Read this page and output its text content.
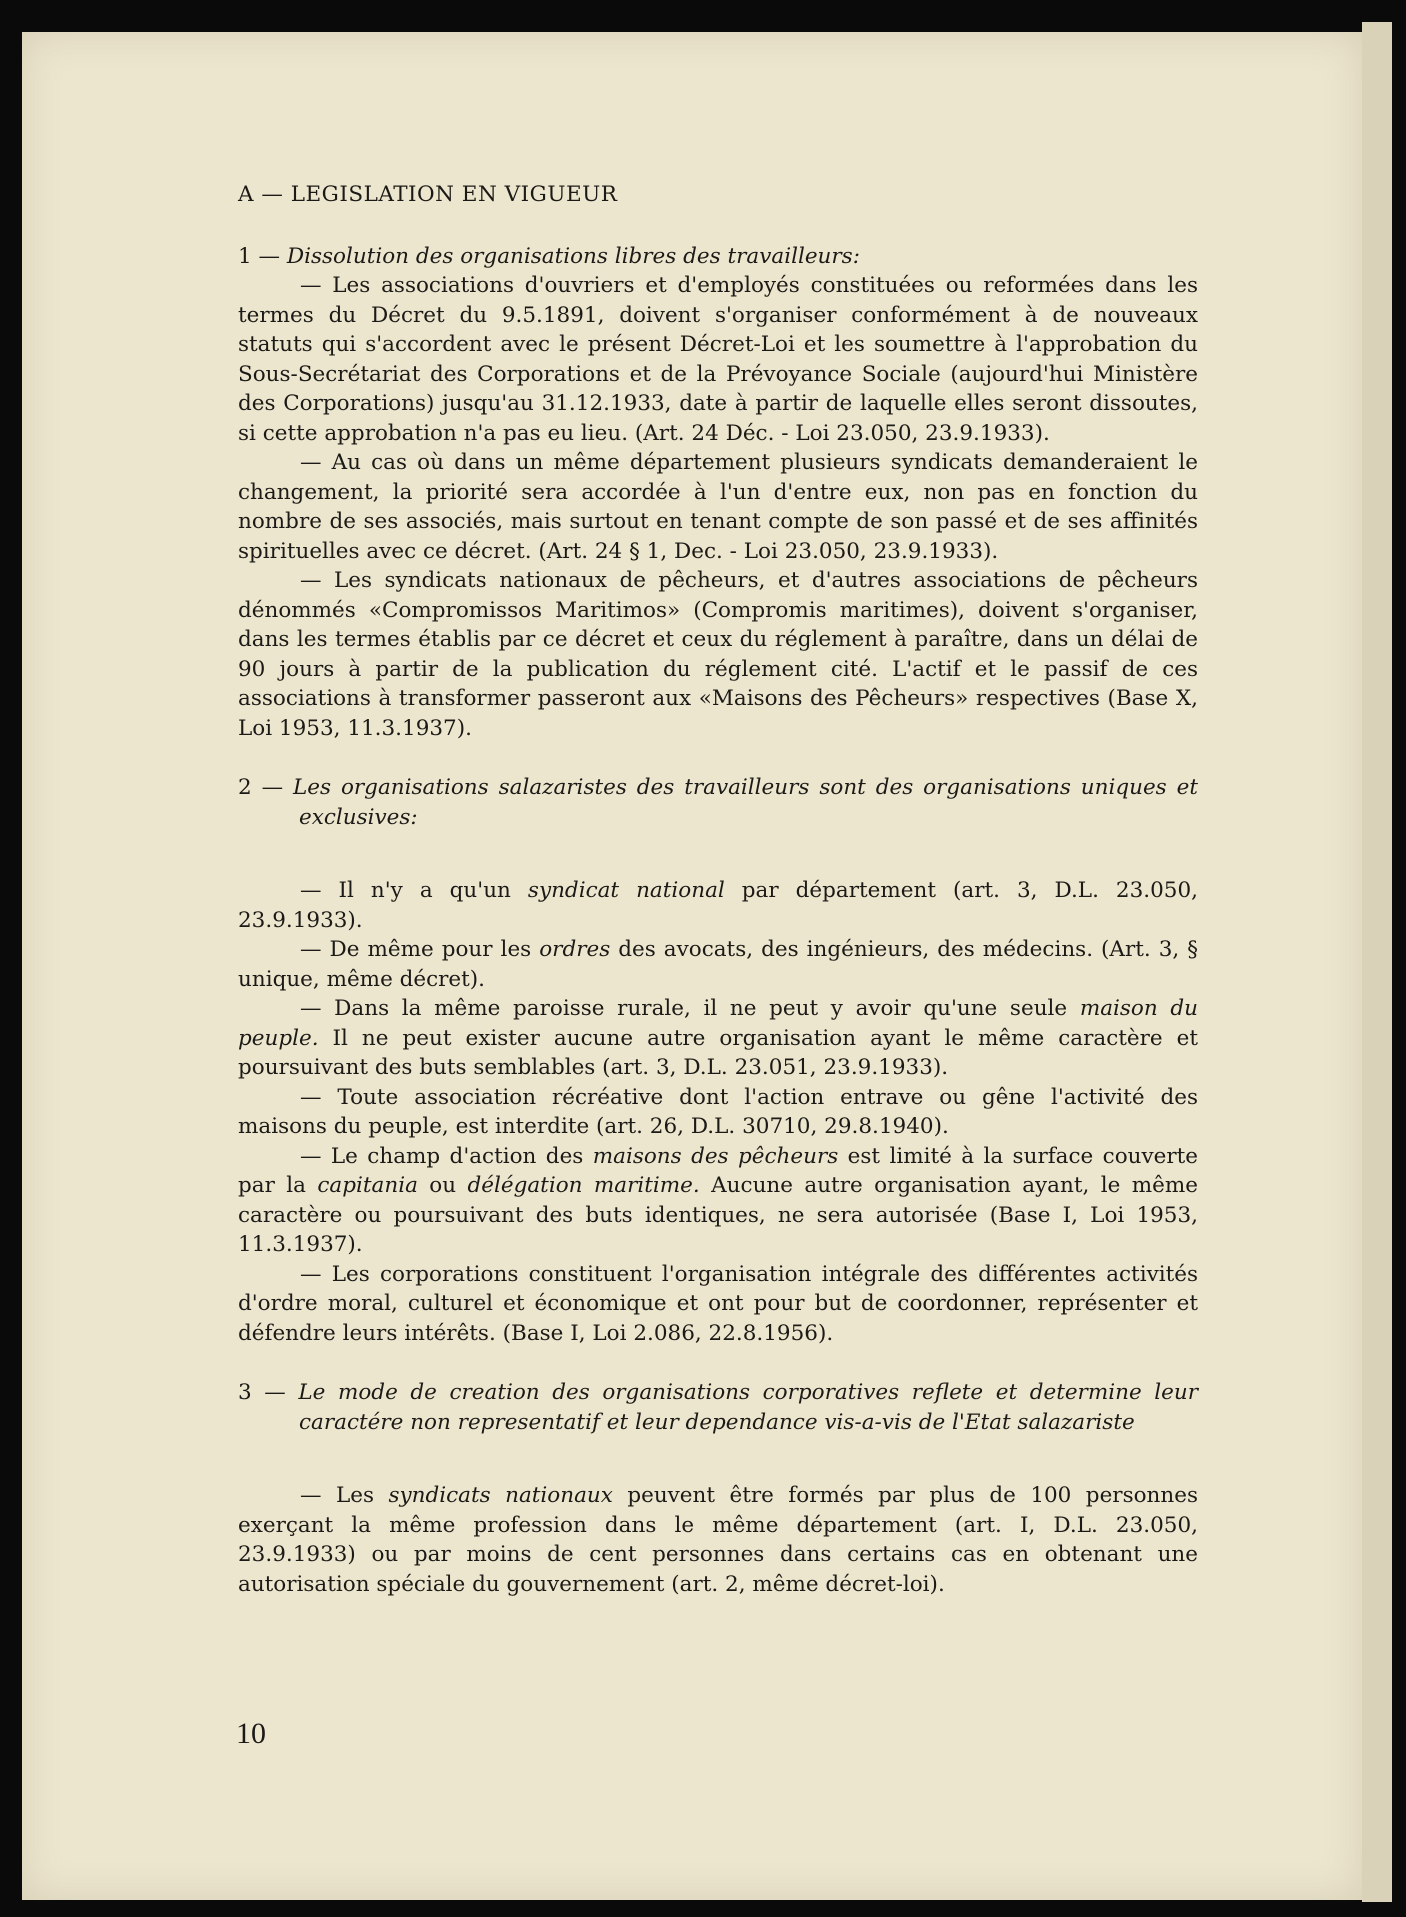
A — LEGISLATION EN VIGUEUR
1 — Dissolution des organisations libres des travailleurs:

— Les associations d'ouvriers et d'employés constituées ou reformées dans les termes du Décret du 9.5.1891, doivent s'organiser conformément à de nouveaux statuts qui s'accordent avec le présent Décret-Loi et les soumettre à l'approbation du Sous-Secrétariat des Corporations et de la Prévoyance Sociale (aujourd'hui Ministère des Corporations) jusqu'au 31.12.1933, date à partir de laquelle elles seront dissoutes, si cette approbation n'a pas eu lieu. (Art. 24 Déc. - Loi 23.050, 23.9.1933).

— Au cas où dans un même département plusieurs syndicats demanderaient le changement, la priorité sera accordée à l'un d'entre eux, non pas en fonction du nombre de ses associés, mais surtout en tenant compte de son passé et de ses affinités spirituelles avec ce décret. (Art. 24 § 1, Dec. - Loi 23.050, 23.9.1933).

— Les syndicats nationaux de pêcheurs, et d'autres associations de pêcheurs dénommés «Compromissos Maritimos» (Compromis maritimes), doivent s'organiser, dans les termes établis par ce décret et ceux du réglement à paraître, dans un délai de 90 jours à partir de la publication du réglement cité. L'actif et le passif de ces associations à transformer passeront aux «Maisons des Pêcheurs» respectives (Base X, Loi 1953, 11.3.1937).

2 — Les organisations salazaristes des travailleurs sont des organisations uniques et exclusives:

— Il n'y a qu'un syndicat national par département (art. 3, D.L. 23.050, 23.9.1933).

— De même pour les ordres des avocats, des ingénieurs, des médecins. (Art. 3, § unique, même décret).

— Dans la même paroisse rurale, il ne peut y avoir qu'une seule maison du peuple. Il ne peut exister aucune autre organisation ayant le même caractère et poursuivant des buts semblables (art. 3, D.L. 23.051, 23.9.1933).

— Toute association récréative dont l'action entrave ou gêne l'activité des maisons du peuple, est interdite (art. 26, D.L. 30710, 29.8.1940).

— Le champ d'action des maisons des pêcheurs est limité à la surface couverte par la capitania ou délégation maritime. Aucune autre organisation ayant, le même caractère ou poursuivant des buts identiques, ne sera autorisée (Base I, Loi 1953, 11.3.1937).

— Les corporations constituent l'organisation intégrale des différentes activités d'ordre moral, culturel et économique et ont pour but de coordonner, représenter et défendre leurs intérêts. (Base I, Loi 2.086, 22.8.1956).

3 — Le mode de creation des organisations corporatives reflete et determine leur caractére non representatif et leur dependance vis-a-vis de l'Etat salazariste

— Les syndicats nationaux peuvent être formés par plus de 100 personnes exerçant la même profession dans le même département (art. I, D.L. 23.050, 23.9.1933) ou par moins de cent personnes dans certains cas en obtenant une autorisation spéciale du gouvernement (art. 2, même décret-loi).

10
